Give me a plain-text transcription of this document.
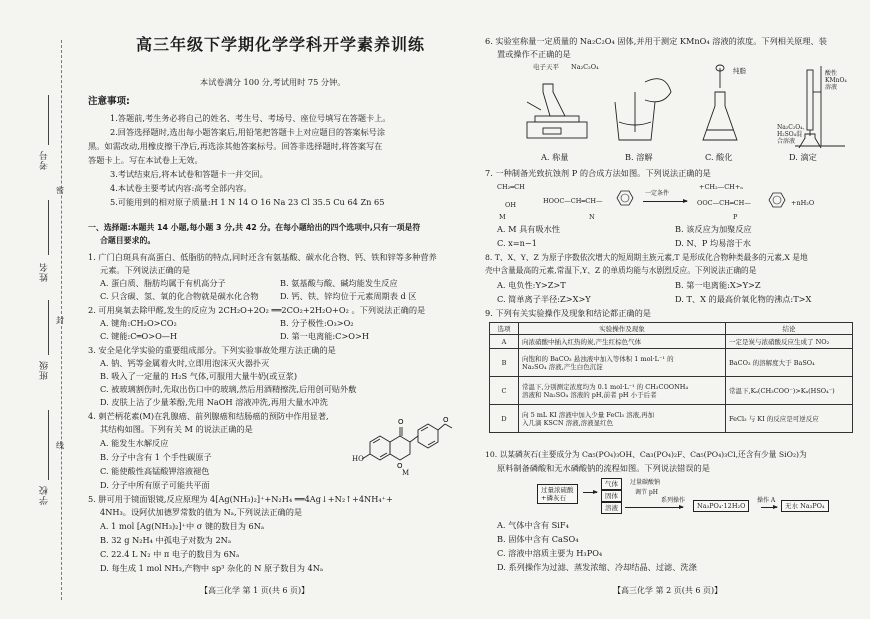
考号
姓名
班级
学校
密
封
线
高三年级下学期化学学科开学素养训练
本试卷满分 100 分,考试用时 75 分钟。
注意事项:
1.答题前,考生务必将自己的姓名、考生号、考场号、座位号填写在答题卡上。
2.回答选择题时,选出每小题答案后,用铅笔把答题卡上对应题目的答案标号涂
黑。如需改动,用橡皮擦干净后,再选涂其他答案标号。回答非选择题时,将答案写在
答题卡上。写在本试卷上无效。
3.考试结束后,将本试卷和答题卡一并交回。
4.本试卷主要考试内容:高考全部内容。
5.可能用到的相对原子质量:H 1 N 14 O 16 Na 23 Cl 35.5 Cu 64 Zn 65
一、选择题:本题共 14 小题,每小题 3 分,共 42 分。在每小题给出的四个选项中,只有一项是符
合题目要求的。
1. 广门白斑具有高蛋白、低脂肪的特点,同时还含有氨基酸、碳水化合物、钙、铁和锌等多种营养
元素。下列说法正确的是
A. 蛋白质、脂肪均属于有机高分子	B. 氨基酸与酸、碱均能发生反应
C. 只含碳、氢、氧的化合物就是碳水化合物	D. 钙、铁、锌均位于元素周期表 d 区
2. 可用臭氧去除甲醛,发生的反应为 2CH₂O+2O₂ ══2CO₂+2H₂O+O₂ 。下列说法正确的是
A. 键角:CH₂O>CO₂	B. 分子极性:O₃>O₂
C. 键能:C═O>O—H	D. 第一电离能:C>O>H
3. 安全是化学实验的重要组成部分。下列实验事故处理方法正确的是
A. 钠、钙等金属着火时,立即用泡沫灭火器扑灭
B. 吸入了一定量的 H₂S 气体,可服用大量牛奶(或豆浆)
C. 被玻璃割伤时,先取出伤口中的玻璃,然后用酒精擦洗,后用创可贴外敷
D. 皮肤上沾了少量苯酚,先用 NaOH 溶液冲洗,再用大量水冲洗
4. 刺芒柄花素(M)在乳腺癌、前列腺癌和结肠癌的预防中作用显著,
其结构如图。下列有关 M 的说法正确的是
A. 能发生水解反应
B. 分子中含有 1 个手性碳原子
C. 能使酸性高锰酸钾溶液褪色
D. 分子中所有原子可能共平面
O
O
O
HO
M
5. 肼可用于镜面银镜,反应原理为 4[Ag(NH₃)₂]⁺+N₂H₄ ══4Ag↓+N₂↑+4NH₄⁺+
4NH₃。设阿伏加德罗常数的值为 Nₐ,下列说法正确的是
A. 1 mol [Ag(NH₃)₂]⁺中 σ 键的数目为 6Nₐ
B. 32 g N₂H₄ 中孤电子对数为 2Nₐ
C. 22.4 L N₂ 中 π 电子的数目为 6Nₐ
D. 每生成 1 mol NH₃,产物中 sp³ 杂化的 N 原子数目为 4Nₐ
【高三化学 第 1 页(共 6 页)】
6. 实验室称量一定质量的 Na₂C₂O₄ 固体,并用于测定 KMnO₄ 溶液的浓度。下列相关原理、装
置或操作不正确的是
电子天平 Na₂C₂O₄	纯脂	酸性
KMnO₄
溶液
Na₂C₂O₄、
H₂SO₄混
合溶液
A. 称量	B. 溶解	C. 酸化	D. 滴定
7. 一种制备光致抗蚀剂 P 的合成方法如图。下列说法正确的是
CH₂═CH
OH
M
HOOC—CH═CH—
N
一定条件
+CH₂—CH+ₙ
OOC—CH═CH—	+nH₂O
P
A. M 具有吸水性	B. 该反应为加聚反应
C. x=n−1	D. N、P 均易溶于水
8. T、X、Y、Z 为原子序数依次增大的短周期主族元素,T 是形成化合物种类最多的元素,X 是地
壳中含量最高的元素,常温下,Y、Z 的单质均能与水剧烈反应。下列说法正确的是
A. 电负性:Y>Z>T	B. 第一电离能:X>Y>Z
C. 简单离子半径:Z>X>Y	D. T、X 的最高价氧化物的沸点:T>X
9. 下列有关实验操作及现象和结论都正确的是
选项	实验操作及现象	结论
A	向浓硝酸中插入红热的炭,产生红棕色气体	一定是炭与浓硝酸反应生成了 NO₂
B	向饱和的 BaCO₃ 悬浊液中加入等体积 1 mol·L⁻¹ 的
Na₂SO₄ 溶液,产生白色沉淀	BaCO₃ 的溶解度大于 BaSO₄
C	常温下,分别测定浓度均为 0.1 mol·L⁻¹ 的 CH₃COONH₄
溶液和 Na₂SO₄ 溶液的 pH,前者 pH 小于后者	常温下,Kₐ(CH₃COO⁻)>Kₐ(HSO₄⁻)
D	向 5 mL KI 溶液中加入少量 FeCl₃ 溶液,再加
入几滴 KSCN 溶液,溶液显红色	FeCl₃ 与 KI 的反应是可逆反应
10. 以某磷灰石(主要成分为 Ca₅(PO₄)₃OH、Ca₃(PO₄)₂F、Ca₅(PO₄)₃Cl,还含有少量 SiO₂)为
原料制备磷酸和无水磷酸钠的流程如图。下列说法错误的是
过量浓硫酸
+磷灰石
气体
固体
溶液
过量碳酸钠
调节 pH
系列操作
Na₃PO₄·12H₂O
操作 A
无水 Na₃PO₄
A. 气体中含有 SiF₄
B. 固体中含有 CaSO₄
C. 溶液中溶质主要为 H₃PO₄
D. 系列操作为过滤、蒸发浓缩、冷却结晶、过滤、洗涤
【高三化学 第 2 页(共 6 页)】
